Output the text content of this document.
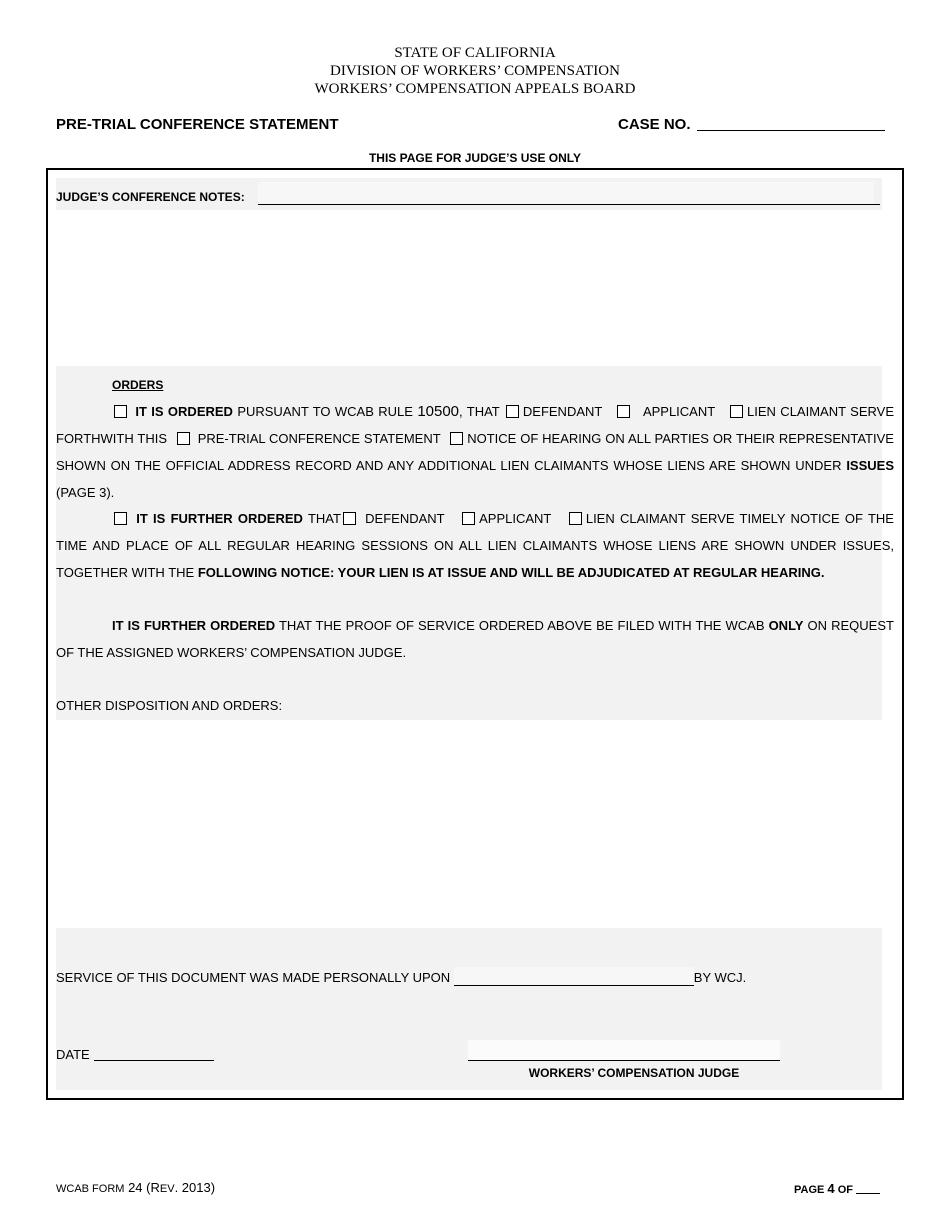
STATE OF CALIFORNIA
DIVISION OF WORKERS’ COMPENSATION
WORKERS’ COMPENSATION APPEALS BOARD
PRE-TRIAL CONFERENCE STATEMENT	CASE NO.
THIS PAGE FOR JUDGE’S USE ONLY
JUDGE’S CONFERENCE NOTES:
ORDERS
IT IS ORDERED PURSUANT TO WCAB RULE 10500, THAT DEFENDANT	APPLICANT LIEN CLAIMANT SERVE FORTHWITH THIS PRE-TRIAL CONFERENCE STATEMENT NOTICE OF HEARING ON ALL PARTIES OR THEIR REPRESENTATIVE SHOWN ON THE OFFICIAL ADDRESS RECORD AND ANY ADDITIONAL LIEN CLAIMANTS WHOSE LIENS ARE SHOWN UNDER ISSUES (PAGE 3).
IT IS FURTHER ORDERED THAT DEFENDANT	APPLICANT	LIEN CLAIMANT SERVE TIMELY NOTICE OF THE TIME AND PLACE OF ALL REGULAR HEARING SESSIONS ON ALL LIEN CLAIMANTS WHOSE LIENS ARE SHOWN UNDER ISSUES, TOGETHER WITH THE FOLLOWING NOTICE: YOUR LIEN IS AT ISSUE AND WILL BE ADJUDICATED AT REGULAR HEARING.
IT IS FURTHER ORDERED THAT THE PROOF OF SERVICE ORDERED ABOVE BE FILED WITH THE WCAB ONLY ON REQUEST OF THE ASSIGNED WORKERS’ COMPENSATION JUDGE.
OTHER DISPOSITION AND ORDERS:
SERVICE OF THIS DOCUMENT WAS MADE PERSONALLY UPON	BY WCJ.
DATE
WORKERS’ COMPENSATION JUDGE
WCAB FORM 24 (REV. 2013)	PAGE 4 OF
